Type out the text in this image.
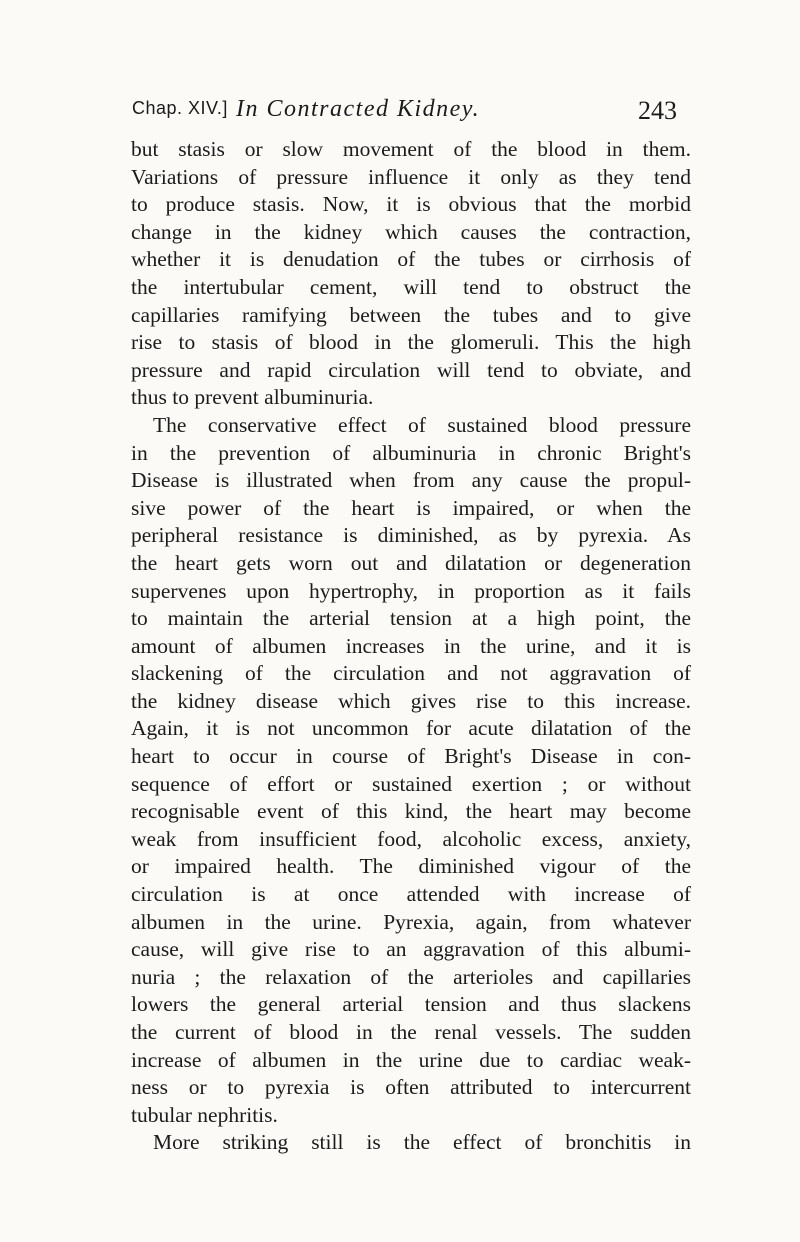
Chap. XIV.] In Contracted Kidney.	243
but stasis or slow movement of the blood in them.
Variations of pressure influence it only as they tend
to produce stasis. Now, it is obvious that the morbid
change in the kidney which causes the contraction,
whether it is denudation of the tubes or cirrhosis of
the intertubular cement, will tend to obstruct the
capillaries ramifying between the tubes and to give
rise to stasis of blood in the glomeruli. This the high
pressure and rapid circulation will tend to obviate, and
thus to prevent albuminuria.
The conservative effect of sustained blood pressure
in the prevention of albuminuria in chronic Bright's
Disease is illustrated when from any cause the propul-
sive power of the heart is impaired, or when the
peripheral resistance is diminished, as by pyrexia. As
the heart gets worn out and dilatation or degeneration
supervenes upon hypertrophy, in proportion as it fails
to maintain the arterial tension at a high point, the
amount of albumen increases in the urine, and it is
slackening of the circulation and not aggravation of
the kidney disease which gives rise to this increase.
Again, it is not uncommon for acute dilatation of the
heart to occur in course of Bright's Disease in con-
sequence of effort or sustained exertion ; or without
recognisable event of this kind, the heart may become
weak from insufficient food, alcoholic excess, anxiety,
or impaired health. The diminished vigour of the
circulation is at once attended with increase of
albumen in the urine. Pyrexia, again, from whatever
cause, will give rise to an aggravation of this albumi-
nuria ; the relaxation of the arterioles and capillaries
lowers the general arterial tension and thus slackens
the current of blood in the renal vessels. The sudden
increase of albumen in the urine due to cardiac weak-
ness or to pyrexia is often attributed to intercurrent
tubular nephritis.
More striking still is the effect of bronchitis in
